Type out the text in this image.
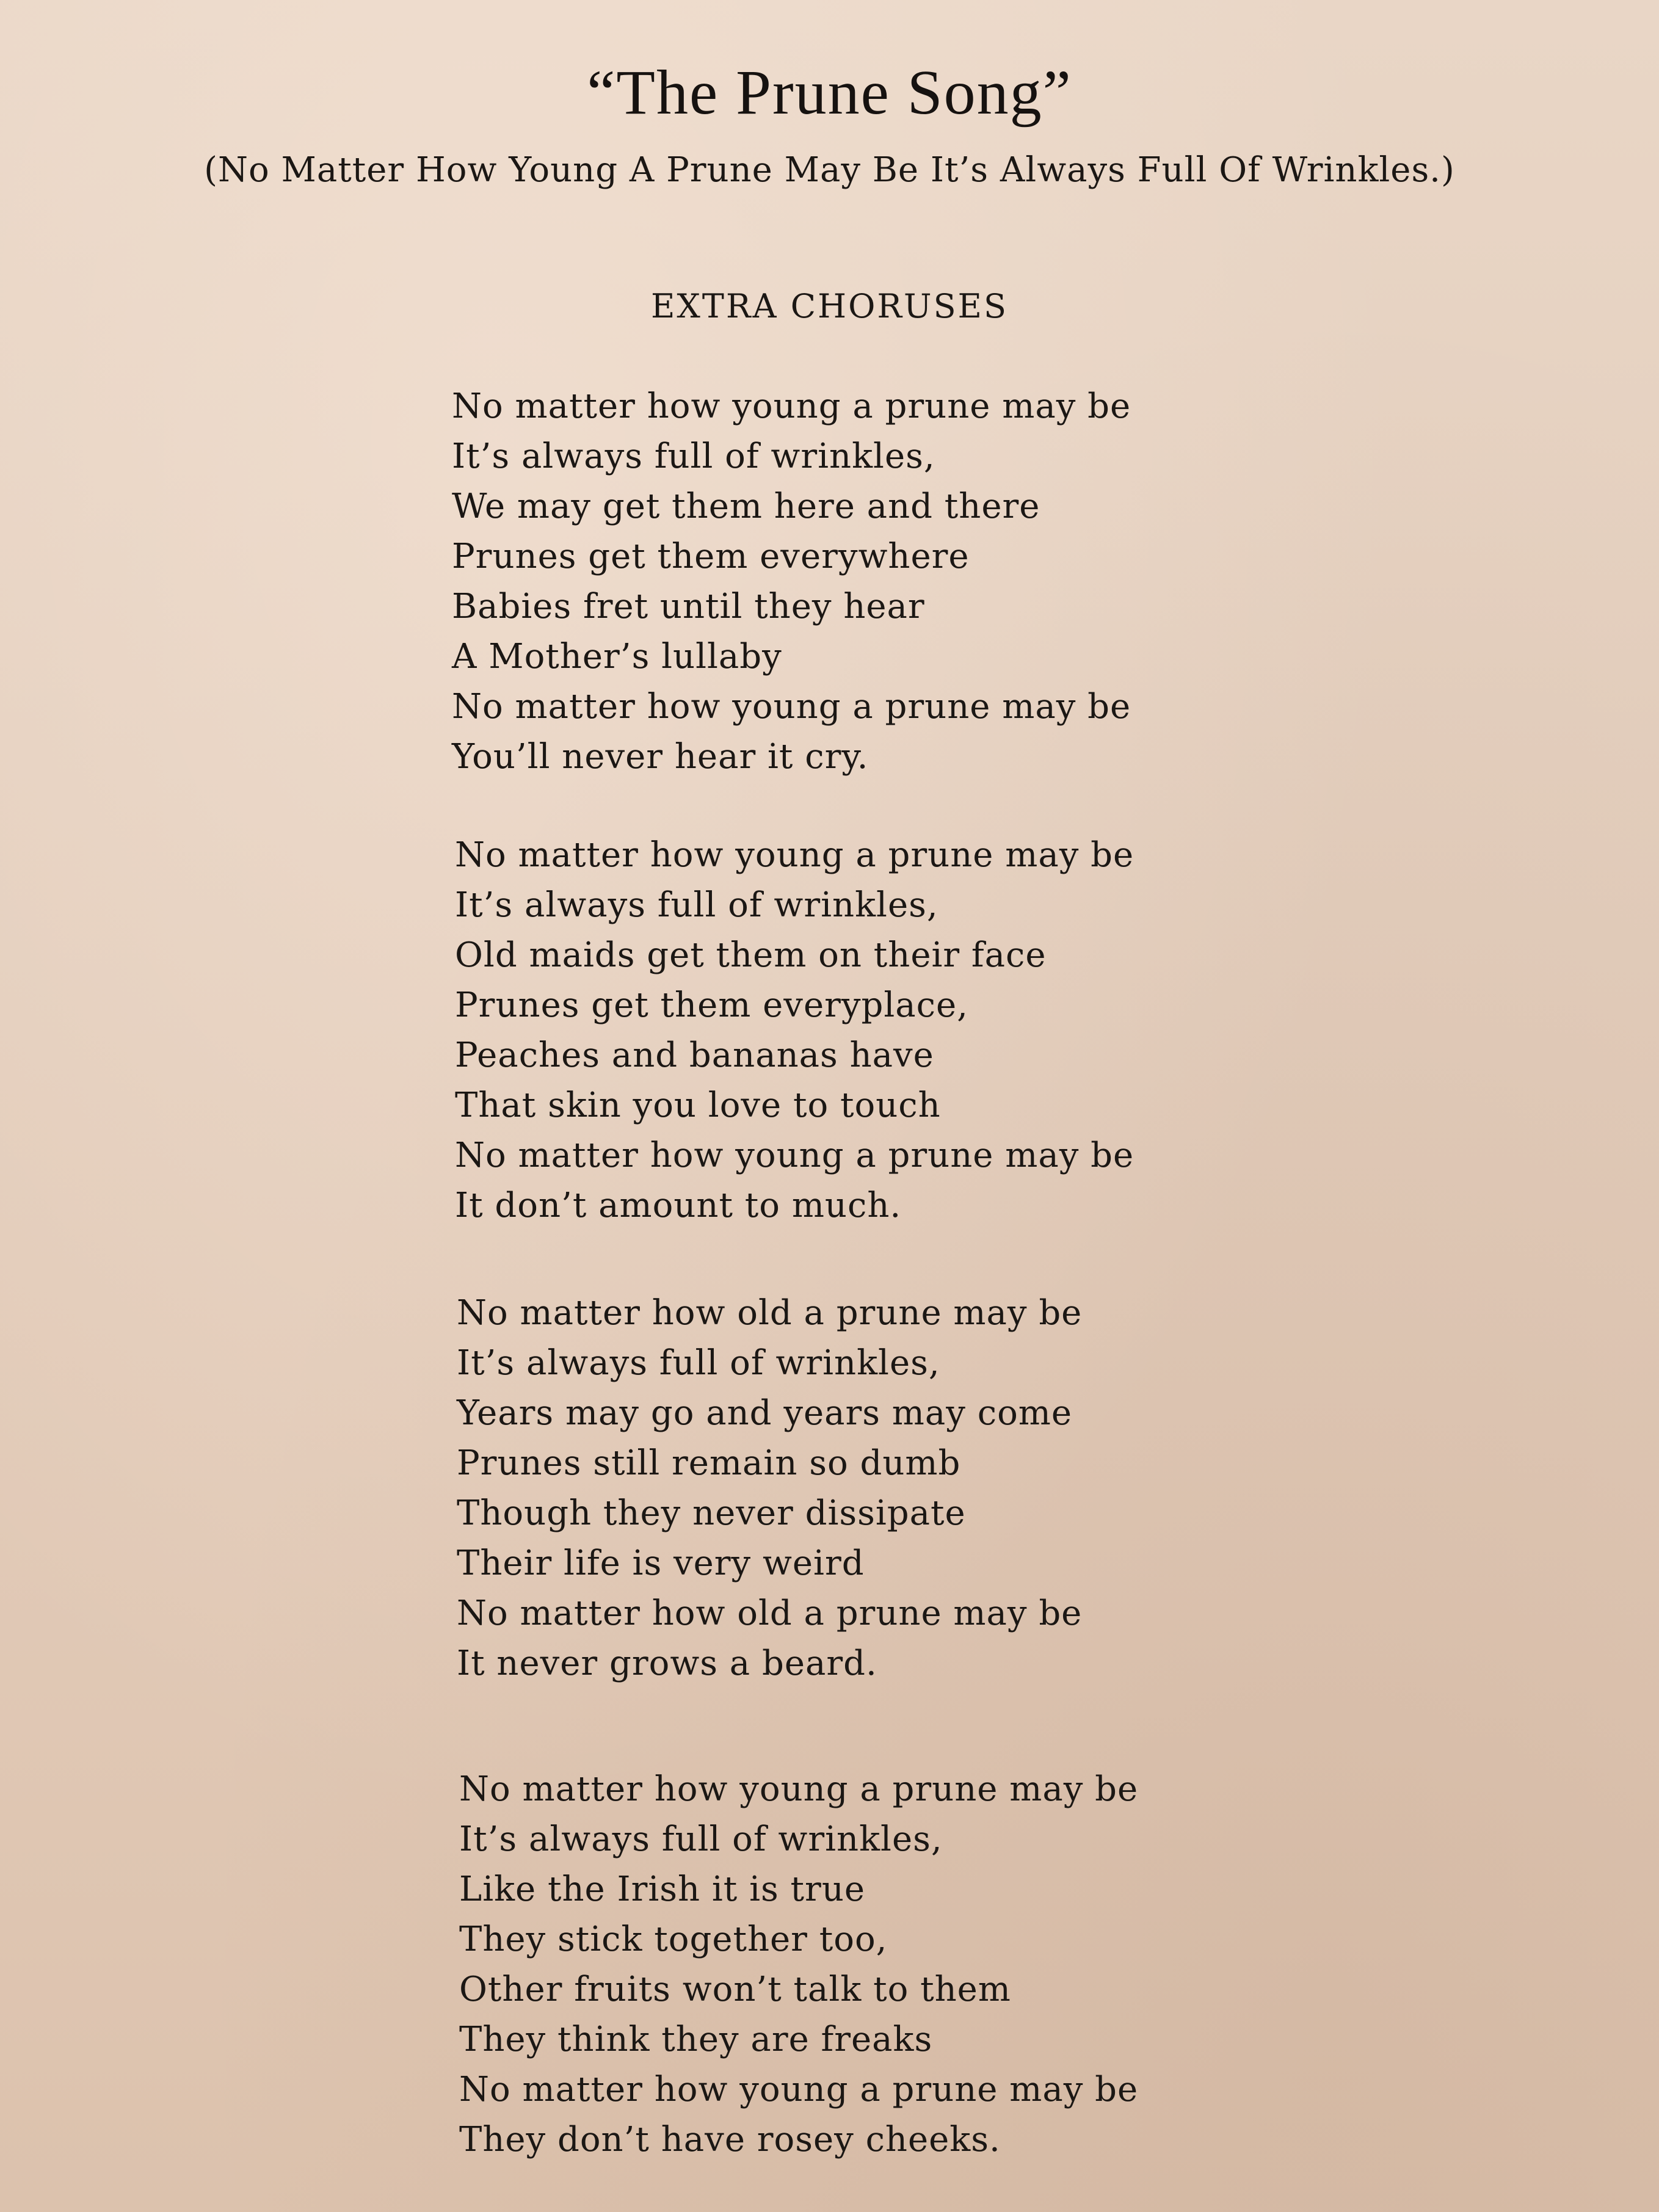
“The Prune Song”
(No Matter How Young A Prune May Be It’s Always Full Of Wrinkles.)
EXTRA CHORUSES
No matter how young a prune may be
It’s always full of wrinkles,
We may get them here and there
Prunes get them everywhere
Babies fret until they hear
A Mother’s lullaby
No matter how young a prune may be
You’ll never hear it cry.
No matter how young a prune may be
It’s always full of wrinkles,
Old maids get them on their face
Prunes get them everyplace,
Peaches and bananas have
That skin you love to touch
No matter how young a prune may be
It don’t amount to much.
No matter how old a prune may be
It’s always full of wrinkles,
Years may go and years may come
Prunes still remain so dumb
Though they never dissipate
Their life is very weird
No matter how old a prune may be
It never grows a beard.
No matter how young a prune may be
It’s always full of wrinkles,
Like the Irish it is true
They stick together too,
Other fruits won’t talk to them
They think they are freaks
No matter how young a prune may be
They don’t have rosey cheeks.
